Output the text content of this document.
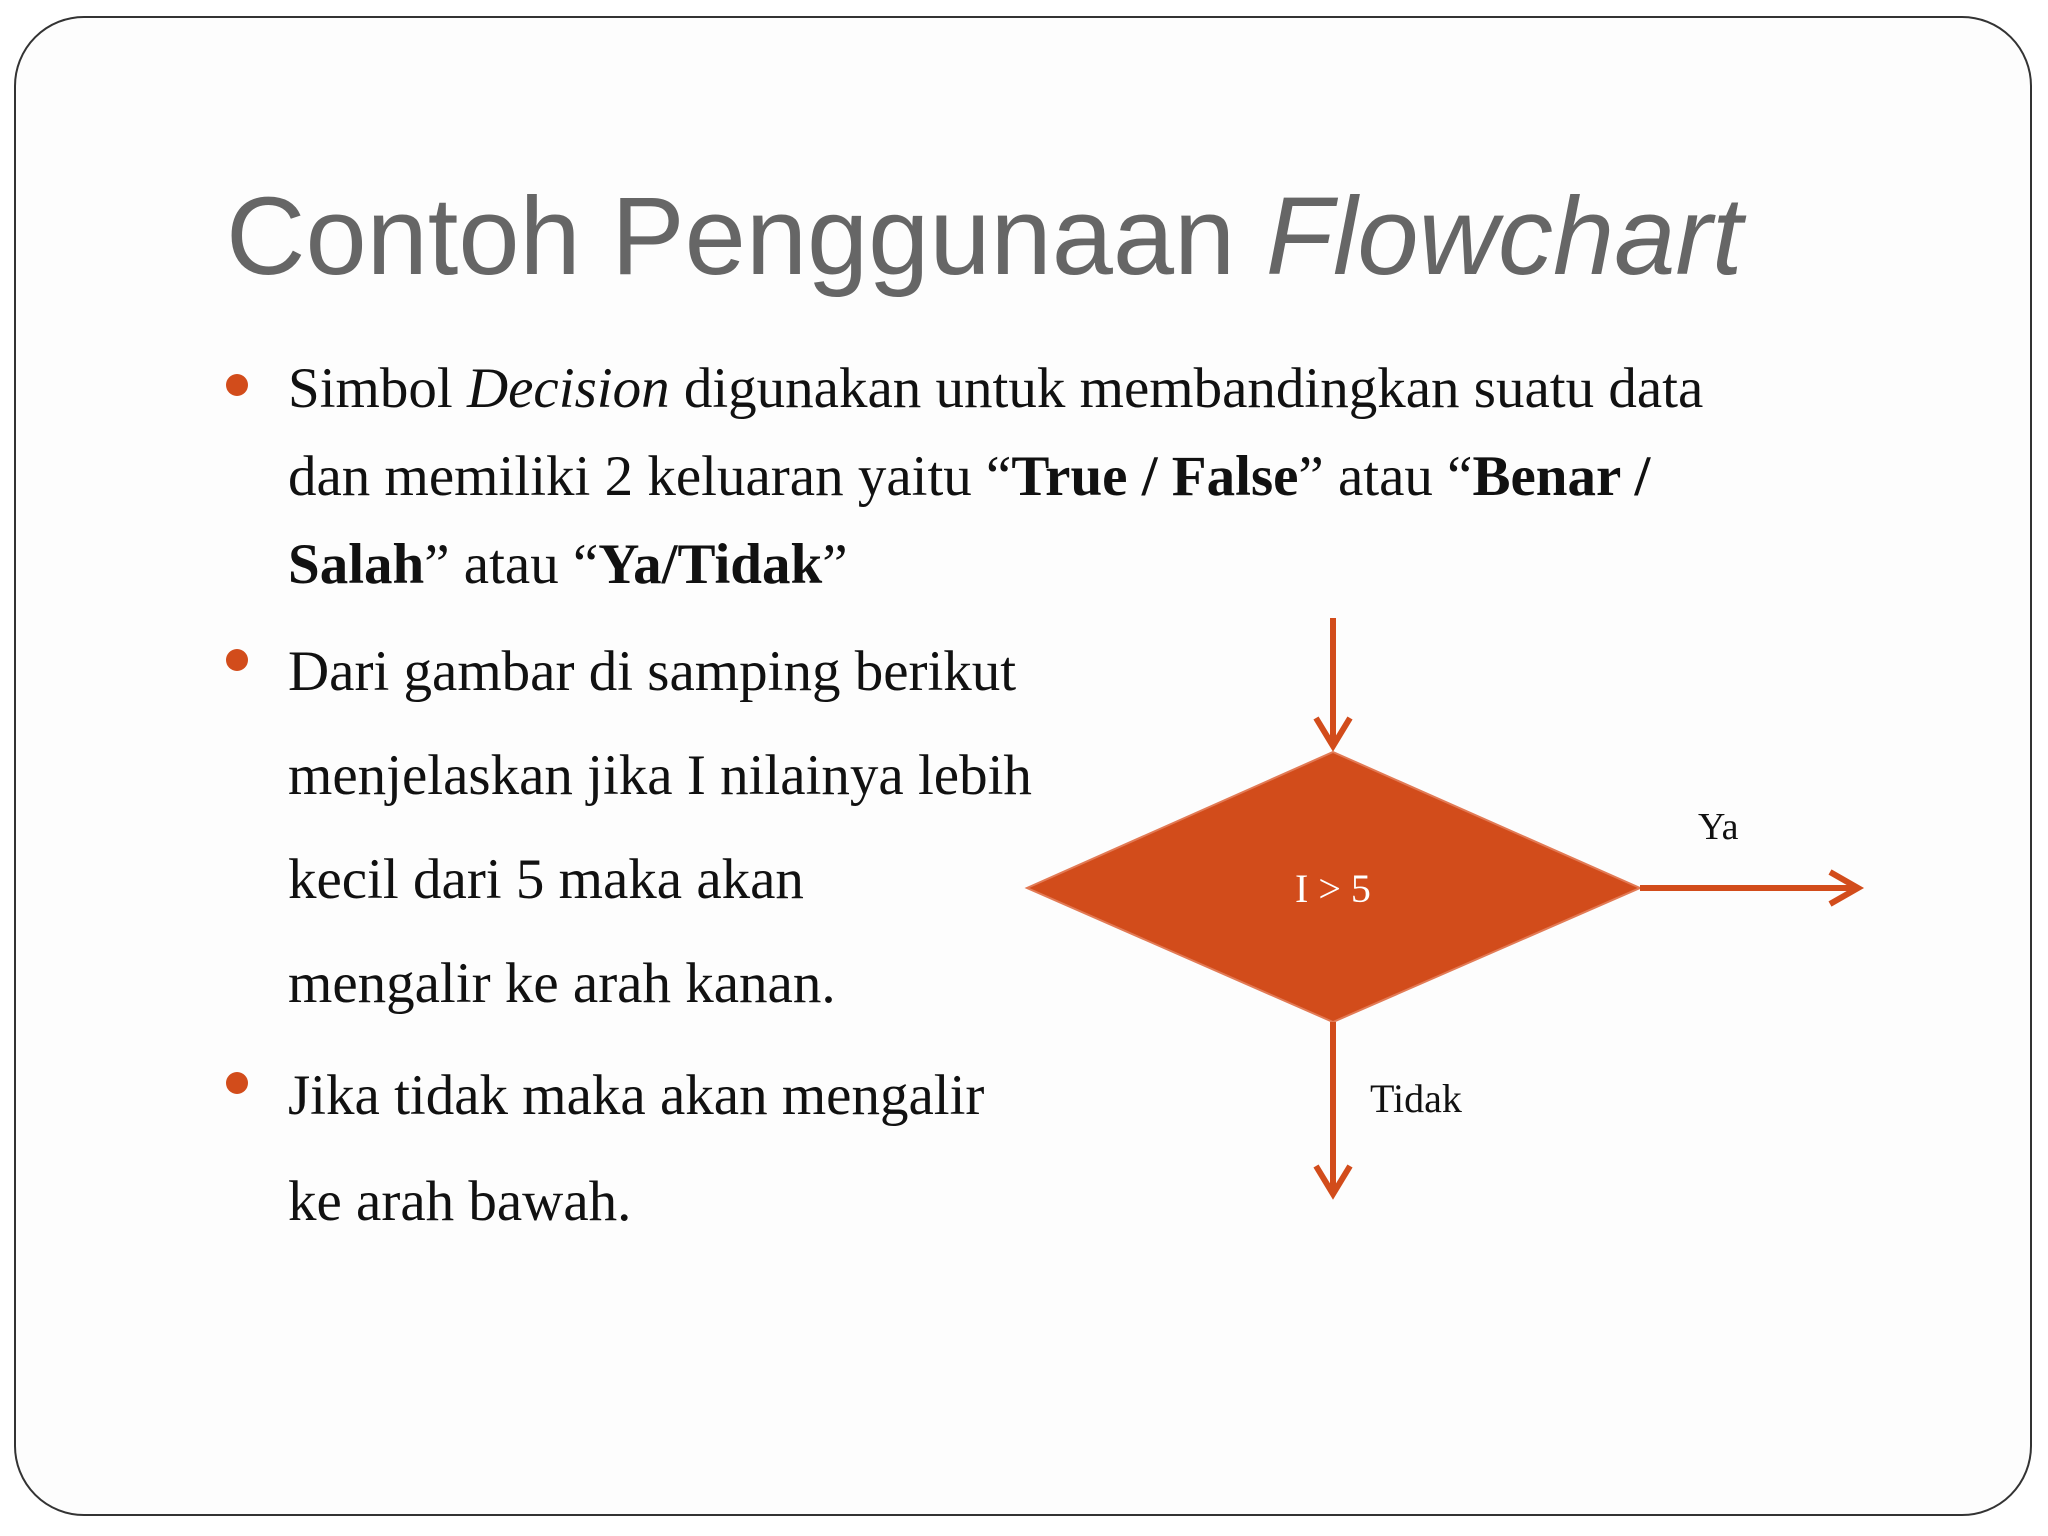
Contoh Penggunaan Flowchart
Simbol Decision digunakan untuk membandingkan suatu data
dan memiliki 2 keluaran yaitu “True / False” atau “Benar /
Salah” atau “Ya/Tidak”
Dari gambar di samping berikut
menjelaskan jika I nilainya lebih
kecil dari 5 maka akan
mengalir ke arah kanan.
Jika tidak maka akan mengalir
ke arah bawah.
I > 5
Ya
Tidak
